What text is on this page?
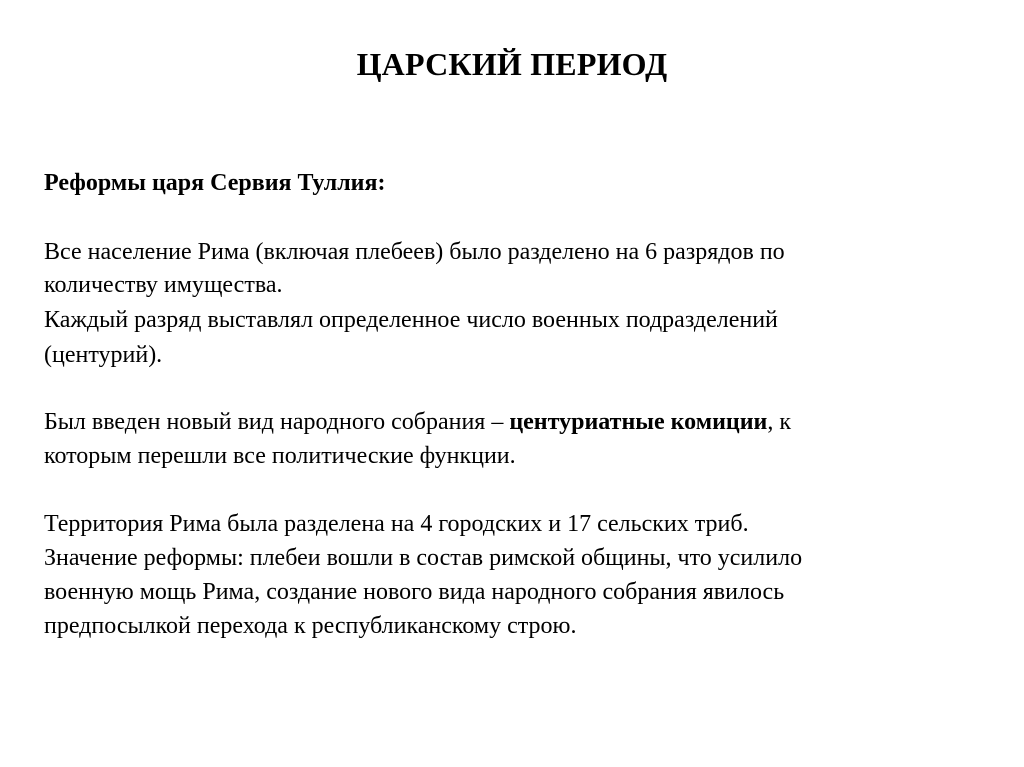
ЦАРСКИЙ ПЕРИОД
Реформы царя Сервия Туллия:
Все население Рима (включая плебеев) было разделено на 6 разрядов по
количеству имущества.
Каждый разряд выставлял определенное число военных подразделений
(центурий).
Был введен новый вид народного собрания – центуриатные комиции, к
которым перешли все политические функции.
Территория Рима была разделена на 4 городских и 17 сельских триб.
Значение реформы: плебеи вошли в состав римской общины, что усилило
военную мощь Рима, создание нового вида народного собрания явилось
предпосылкой перехода к республиканскому строю.
